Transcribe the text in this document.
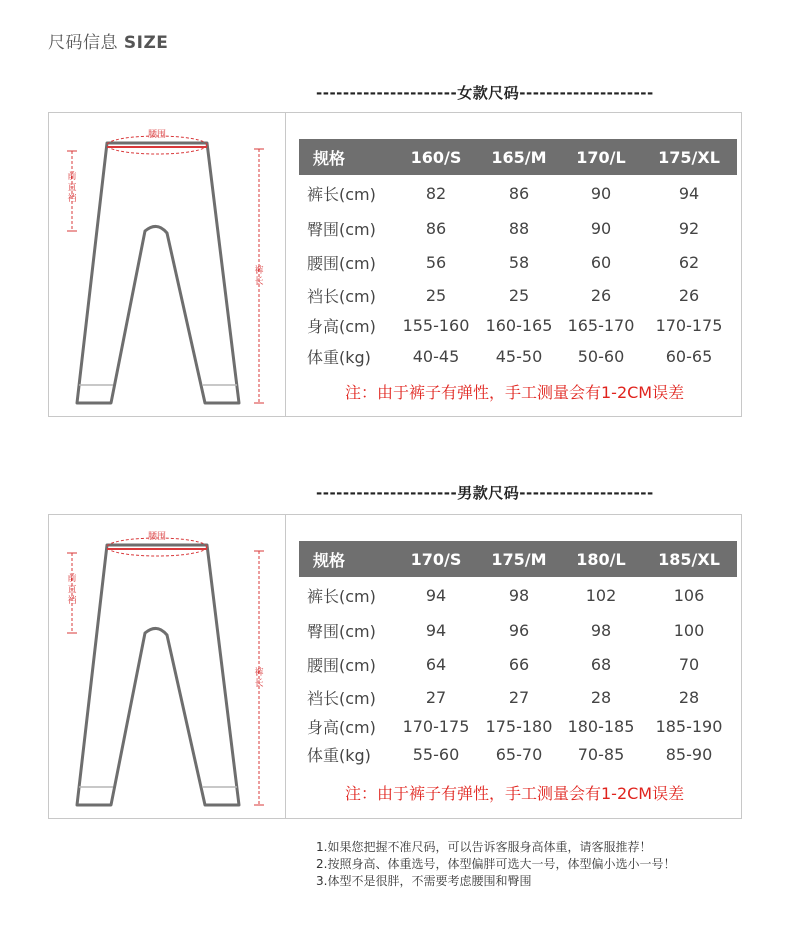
尺码信息 SIZE
---------------------女款尺码--------------------
腰围
前
直
裆
裤
长
规格	160/S	165/M	170/L	175/XL
裤长(cm)	82	86	90	94
臀围(cm)	86	88	90	92
腰围(cm)	56	58	60	62
裆长(cm)	25	25	26	26
身高(cm)	155-160	160-165	165-170	170-175
体重(kg)	40-45	45-50	50-60	60-65
注：由于裤子有弹性，手工测量会有1-2CM误差
---------------------男款尺码--------------------
腰围
前
直
裆
裤
长
规格	170/S	175/M	180/L	185/XL
裤长(cm)	94	98	102	106
臀围(cm)	94	96	98	100
腰围(cm)	64	66	68	70
裆长(cm)	27	27	28	28
身高(cm)	170-175	175-180	180-185	185-190
体重(kg)	55-60	65-70	70-85	85-90
注：由于裤子有弹性，手工测量会有1-2CM误差
1.如果您把握不准尺码，可以告诉客服身高体重，请客服推荐！
2.按照身高、体重选号，体型偏胖可选大一号，体型偏小选小一号！
3.体型不是很胖，不需要考虑腰围和臀围
